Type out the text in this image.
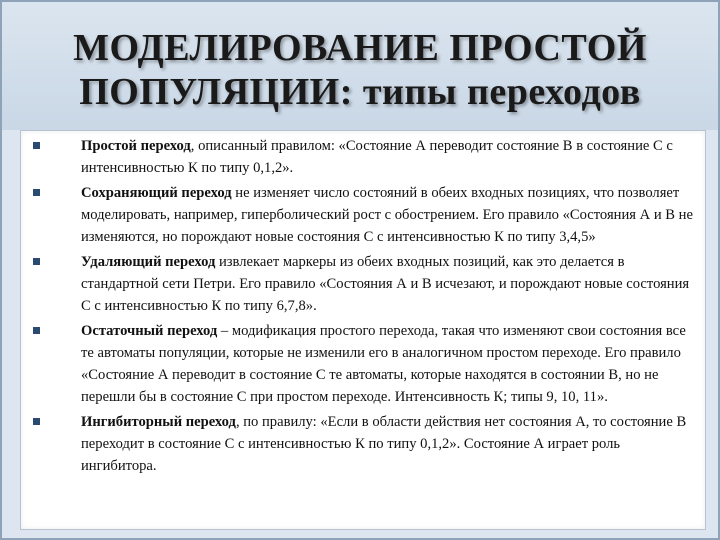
МОДЕЛИРОВАНИЕ ПРОСТОЙ
ПОПУЛЯЦИИ: типы переходов
Простой переход, описанный правилом: «Состояние А переводит состояние В в состояние С с интенсивностью К по типу 0,1,2».
Сохраняющий переход не изменяет число состояний в обеих входных позициях, что позволяет моделировать, например, гиперболический рост с обострением. Его правило «Состояния А и В не изменяются, но порождают новые состояния С с интенсивностью К по типу 3,4,5»
Удаляющий переход извлекает маркеры из обеих входных позиций, как это делается в стандартной сети Петри. Его правило «Состояния А и В исчезают, и порождают новые состояния С с интенсивностью К по типу 6,7,8».
Остаточный переход – модификация простого перехода, такая что изменяют свои состояния все те автоматы популяции, которые не изменили его в аналогичном простом переходе. Его правило «Состояние А переводит в состояние С те автоматы, которые находятся в состоянии В, но не перешли бы в состояние С при простом переходе. Интенсивность К; типы 9, 10, 11».
Ингибиторный переход, по правилу: «Если в области действия нет состояния А, то состояние В переходит в состояние С с интенсивностью К по типу 0,1,2». Состояние А играет роль ингибитора.
